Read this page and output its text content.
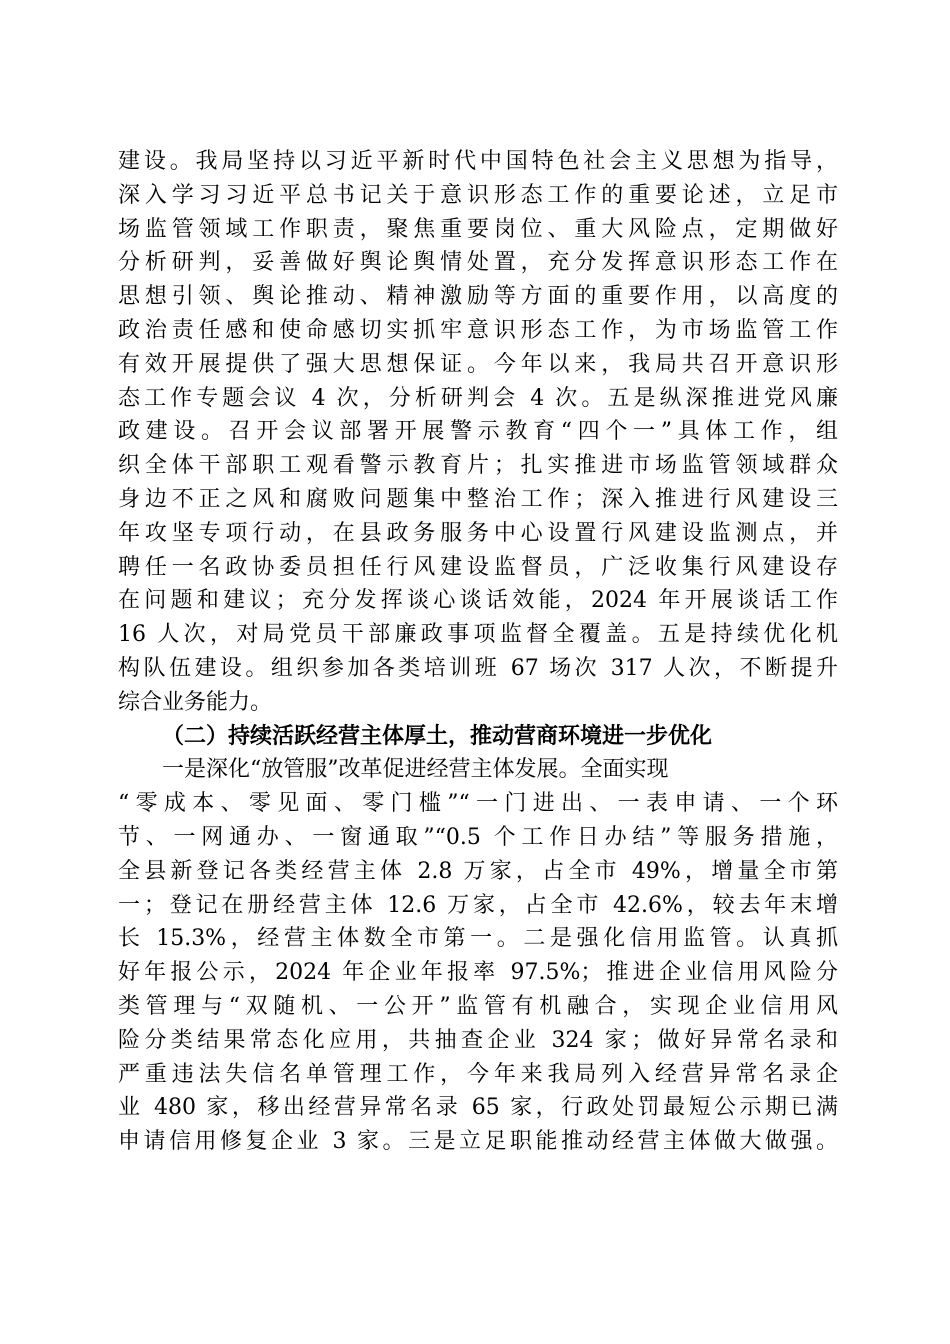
建设。我局坚持以习近平新时代中国特色社会主义思想为指导，
深入学习习近平总书记关于意识形态工作的重要论述，立足市
场监管领域工作职责，聚焦重要岗位、重大风险点，定期做好
分析研判，妥善做好舆论舆情处置，充分发挥意识形态工作在
思想引领、舆论推动、精神激励等方面的重要作用，以高度的
政治责任感和使命感切实抓牢意识形态工作，为市场监管工作
有效开展提供了强大思想保证。今年以来，我局共召开意识形
态工作专题会议 4 次，分析研判会 4 次。五是纵深推进党风廉
政建设。召开会议部署开展警示教育“四个一”具体工作，组
织全体干部职工观看警示教育片；扎实推进市场监管领域群众
身边不正之风和腐败问题集中整治工作；深入推进行风建设三
年攻坚专项行动，在县政务服务中心设置行风建设监测点，并
聘任一名政协委员担任行风建设监督员，广泛收集行风建设存
在问题和建议；充分发挥谈心谈话效能，2024 年开展谈话工作
16 人次，对局党员干部廉政事项监督全覆盖。五是持续优化机
构队伍建设。组织参加各类培训班 67 场次 317 人次，不断提升
综合业务能力。
（二）持续活跃经营主体厚土，推动营商环境进一步优化
一是深化“放管服”改革促进经营主体发展。全面实现
“零成本、零见面、零门槛”“一门进出、一表申请、一个环
节、一网通办、一窗通取”“0.5 个工作日办结”等服务措施，
全县新登记各类经营主体 2.8 万家，占全市 49%，增量全市第
一；登记在册经营主体 12.6 万家，占全市 42.6%，较去年末增
长 15.3%，经营主体数全市第一。二是强化信用监管。认真抓
好年报公示，2024 年企业年报率 97.5%；推进企业信用风险分
类管理与“双随机、一公开”监管有机融合，实现企业信用风
险分类结果常态化应用，共抽查企业 324 家；做好异常名录和
严重违法失信名单管理工作，今年来我局列入经营异常名录企
业 480 家，移出经营异常名录 65 家，行政处罚最短公示期已满
申请信用修复企业 3 家。三是立足职能推动经营主体做大做强。
